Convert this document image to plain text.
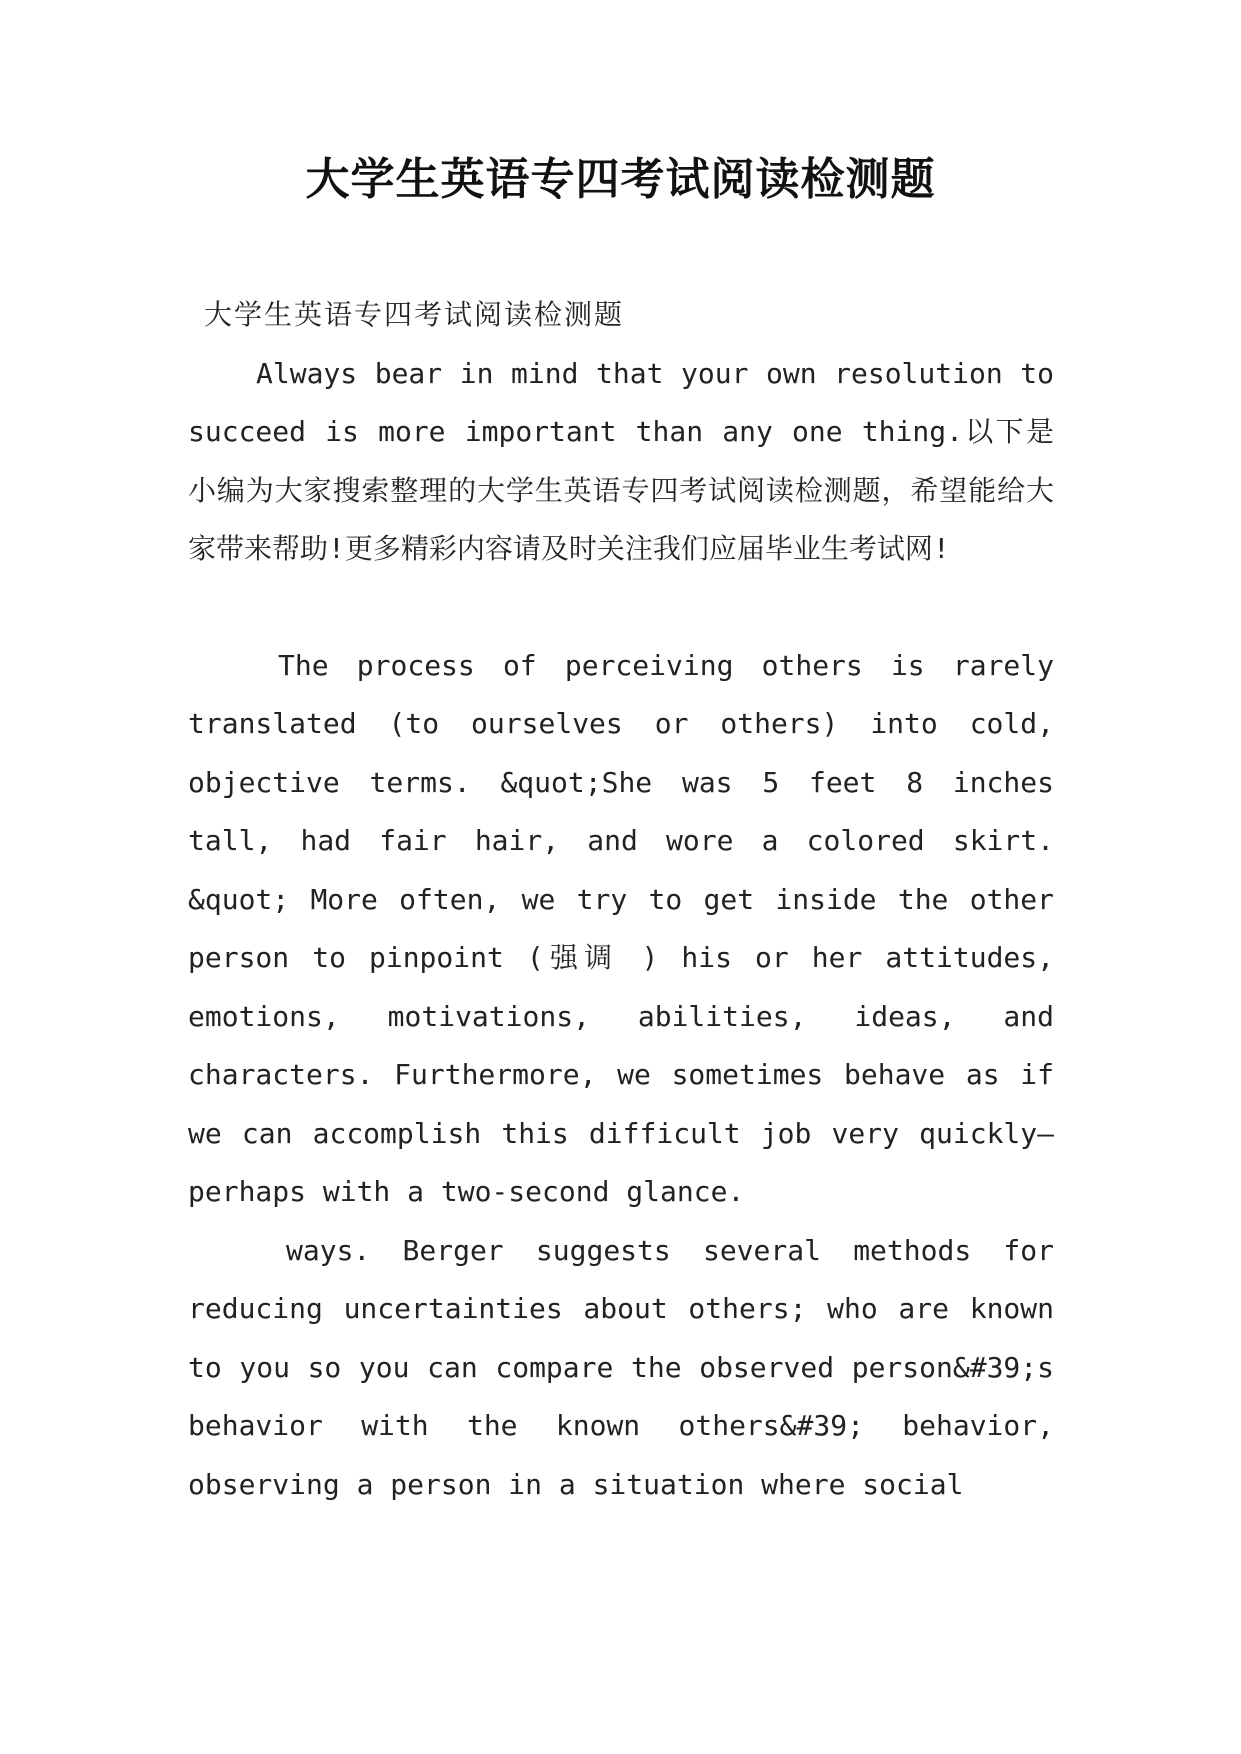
大学生英语专四考试阅读检测题

大学生英语专四考试阅读检测题

Always bear in mind that your own resolution to succeed is more important than any one thing.以下是小编为大家搜索整理的大学生英语专四考试阅读检测题，希望能给大家带来帮助!更多精彩内容请及时关注我们应届毕业生考试网!

The process of perceiving others is rarely translated (to ourselves or others) into cold, objective terms. &quot;She was 5 feet 8 inches tall, had fair hair, and wore a colored skirt. &quot; More often, we try to get inside the other person to pinpoint (强调 ) his or her attitudes, emotions, motivations, abilities, ideas, and characters. Furthermore, we sometimes behave as if we can accomplish this difficult job very quickly—perhaps with a two-second glance.

ways. Berger suggests several methods for reducing uncertainties about others; who are known to you so you can compare the observed person&#39;s behavior with the known others&#39; behavior, observing a person in a situation where social
